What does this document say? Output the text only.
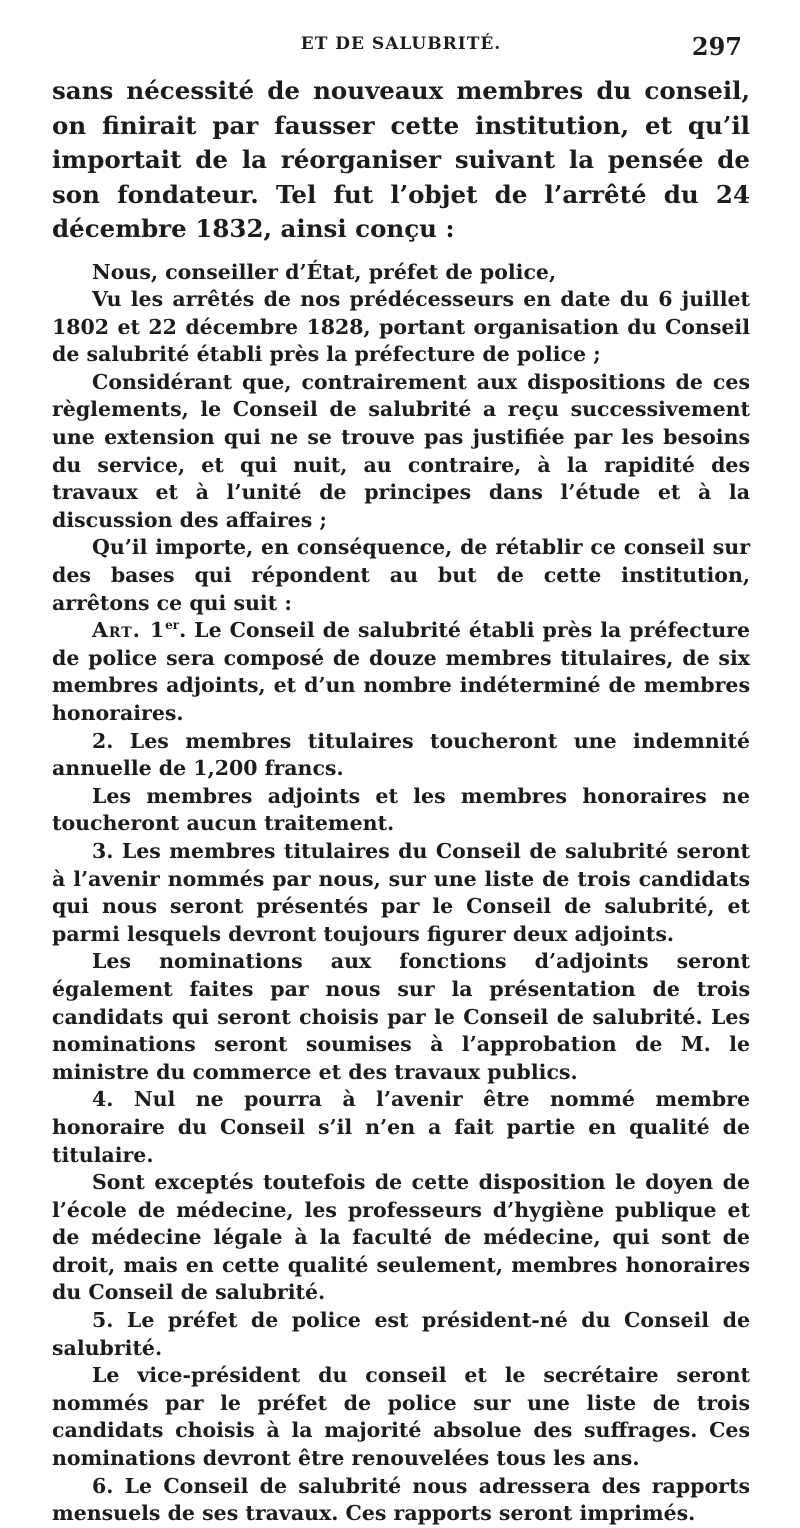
ET DE SALUBRITÉ.	297

sans nécessité de nouveaux membres du conseil, on finirait par fausser cette institution, et qu’il importait de la réorganiser suivant la pensée de son fondateur. Tel fut l’objet de l’arrêté du 24 décembre 1832, ainsi conçu :

Nous, conseiller d’État, préfet de police,

Vu les arrêtés de nos prédécesseurs en date du 6 juillet 1802 et 22 décembre 1828, portant organisation du Conseil de salubrité établi près la préfecture de police ;

Considérant que, contrairement aux dispositions de ces règlements, le Conseil de salubrité a reçu successivement une extension qui ne se trouve pas justifiée par les besoins du service, et qui nuit, au contraire, à la rapidité des travaux et à l’unité de principes dans l’étude et à la discussion des affaires ;

Qu’il importe, en conséquence, de rétablir ce conseil sur des bases qui répondent au but de cette institution, arrêtons ce qui suit :

Art. 1er. Le Conseil de salubrité établi près la préfecture de police sera composé de douze membres titulaires, de six membres adjoints, et d’un nombre indéterminé de membres honoraires.

2. Les membres titulaires toucheront une indemnité annuelle de 1,200 francs.

Les membres adjoints et les membres honoraires ne toucheront aucun traitement.

3. Les membres titulaires du Conseil de salubrité seront à l’avenir nommés par nous, sur une liste de trois candidats qui nous seront présentés par le Conseil de salubrité, et parmi lesquels devront toujours figurer deux adjoints.

Les nominations aux fonctions d’adjoints seront également faites par nous sur la présentation de trois candidats qui seront choisis par le Conseil de salubrité. Les nominations seront soumises à l’approbation de M. le ministre du commerce et des travaux publics.

4. Nul ne pourra à l’avenir être nommé membre honoraire du Conseil s’il n’en a fait partie en qualité de titulaire.

Sont exceptés toutefois de cette disposition le doyen de l’école de médecine, les professeurs d’hygiène publique et de médecine légale à la faculté de médecine, qui sont de droit, mais en cette qualité seulement, membres honoraires du Conseil de salubrité.

5. Le préfet de police est président-né du Conseil de salubrité.

Le vice-président du conseil et le secrétaire seront nommés par le préfet de police sur une liste de trois candidats choisis à la majorité absolue des suffrages. Ces nominations devront être renouvelées tous les ans.

6. Le Conseil de salubrité nous adressera des rapports mensuels de ses travaux. Ces rapports seront imprimés.
